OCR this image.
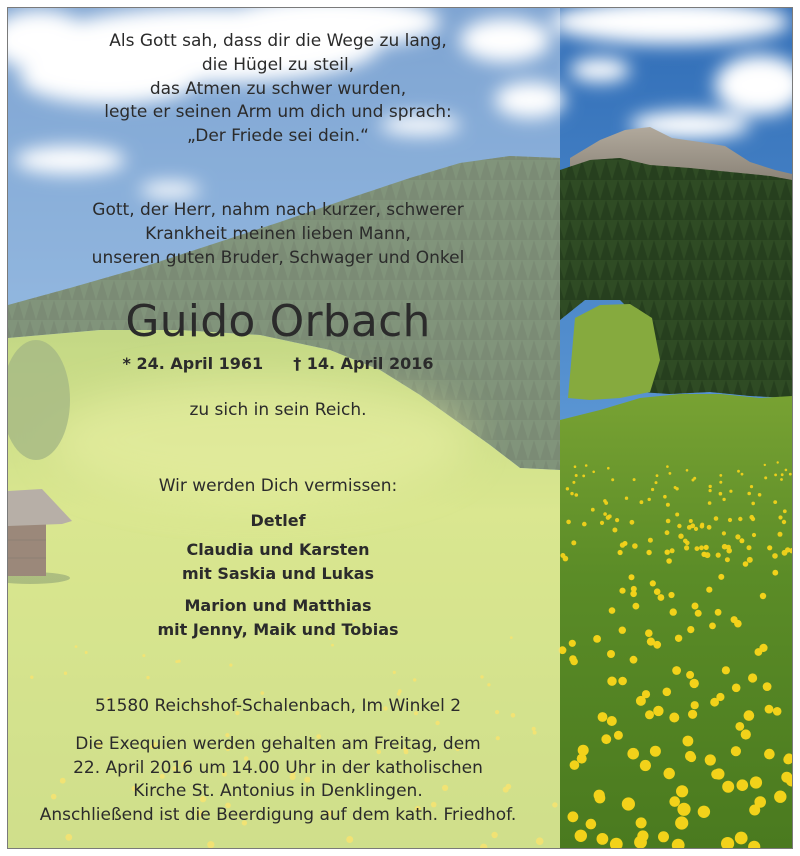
Als Gott sah, dass dir die Wege zu lang,
die Hügel zu steil,
das Atmen zu schwer wurden,
legte er seinen Arm um dich und sprach:
„Der Friede sei dein.“
Gott, der Herr, nahm nach kurzer, schwerer
Krankheit meinen lieben Mann,
unseren guten Bruder, Schwager und Onkel
Guido Orbach
* 24. April 1961 † 14. April 2016
zu sich in sein Reich.
Wir werden Dich vermissen:
Detlef
Claudia und Karsten
mit Saskia und Lukas
Marion und Matthias
mit Jenny, Maik und Tobias
51580 Reichshof-Schalenbach, Im Winkel 2
Die Exequien werden gehalten am Freitag, dem
22. April 2016 um 14.00 Uhr in der katholischen
Kirche St. Antonius in Denklingen.
Anschließend ist die Beerdigung auf dem kath. Friedhof.
